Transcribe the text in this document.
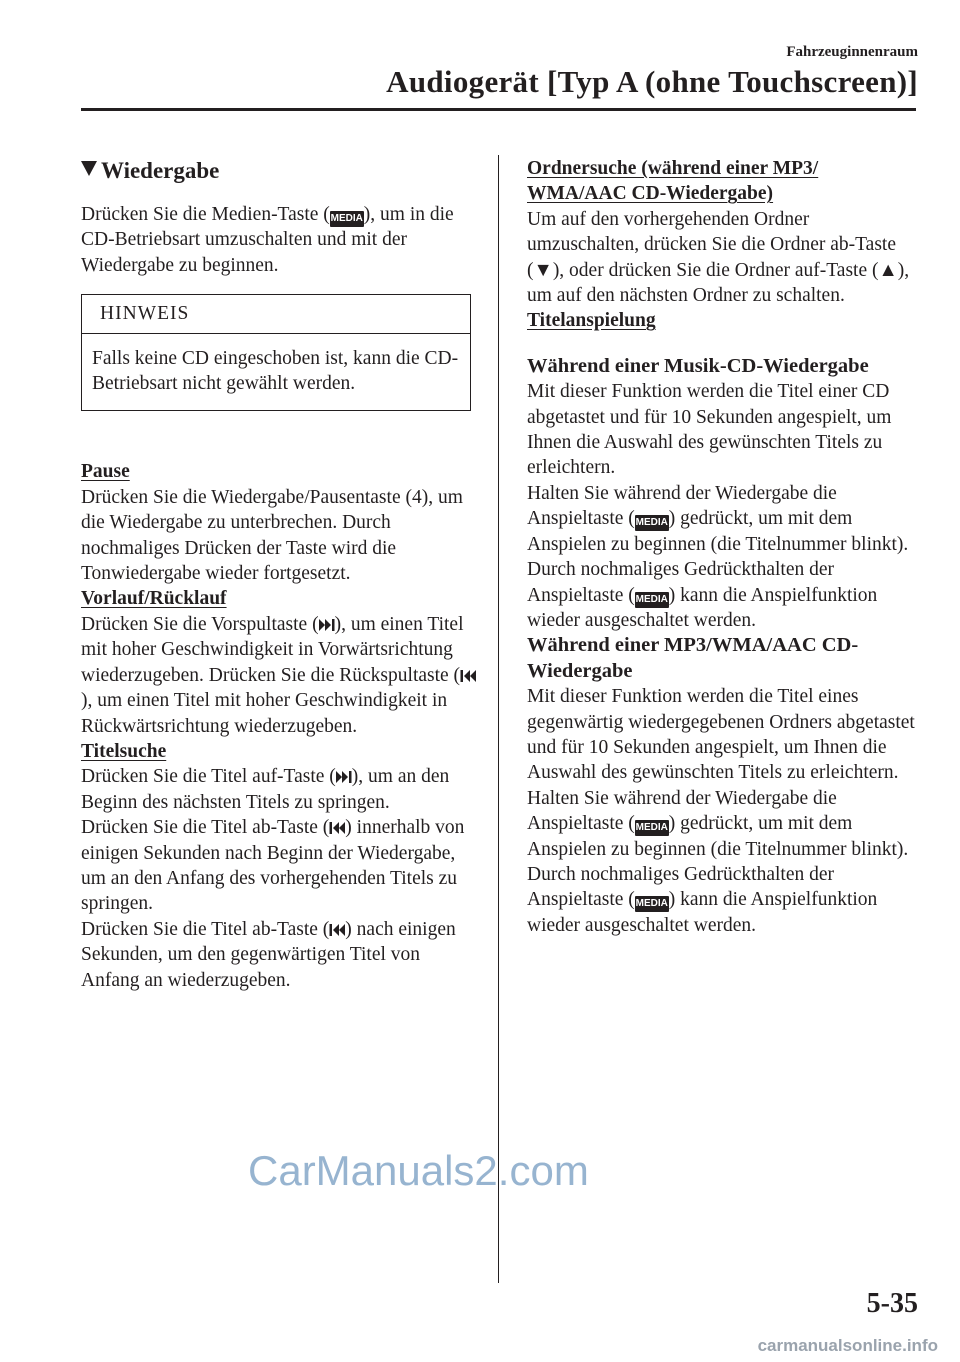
Fahrzeuginnenraum
Audiogerät [Typ A (ohne Touchscreen)]
Wiedergabe

Drücken Sie die Medien-Taste (MEDIA), um in die CD-Betriebsart umzuschalten und mit der Wiedergabe zu beginnen.

HINWEIS
Falls keine CD eingeschoben ist, kann die CD-Betriebsart nicht gewählt werden.

Pause

Drücken Sie die Wiedergabe/Pausentaste (4), um die Wiedergabe zu unterbrechen. Durch nochmaliges Drücken der Taste wird die Tonwiedergabe wieder fortgesetzt.

Vorlauf/Rücklauf

Drücken Sie die Vorspultaste ( ), um einen Titel mit hoher Geschwindigkeit in Vorwärtsrichtung wiederzugeben. Drücken Sie die Rückspultaste (), um einen Titel mit hoher Geschwindigkeit in Rückwärtsrichtung wiederzugeben.

Titelsuche

Drücken Sie die Titel auf-Taste ( ), um an den Beginn des nächsten Titels zu springen.
Drücken Sie die Titel ab-Taste ( ) innerhalb von einigen Sekunden nach Beginn der Wiedergabe, um an den Anfang des vorhergehenden Titels zu springen.
Drücken Sie die Titel ab-Taste ( ) nach einigen Sekunden, um den gegenwärtigen Titel von Anfang an wiederzugeben.

Ordnersuche (während einer MP3/ WMA/AAC CD-Wiedergabe)

Um auf den vorhergehenden Ordner umzuschalten, drücken Sie die Ordner ab-Taste (▼), oder drücken Sie die Ordner auf-Taste (▲), um auf den nächsten Ordner zu schalten.

Titelanspielung

Während einer Musik-CD-Wiedergabe

Mit dieser Funktion werden die Titel einer CD abgetastet und für 10 Sekunden angespielt, um Ihnen die Auswahl des gewünschten Titels zu erleichtern.
Halten Sie während der Wiedergabe die Anspieltaste (MEDIA) gedrückt, um mit dem Anspielen zu beginnen (die Titelnummer blinkt). Durch nochmaliges Gedrückthalten der Anspieltaste (MEDIA) kann die Anspielfunktion wieder ausgeschaltet werden.

Während einer MP3/WMA/AAC CD-Wiedergabe

Mit dieser Funktion werden die Titel eines gegenwärtig wiedergegebenen Ordners abgetastet und für 10 Sekunden angespielt, um Ihnen die Auswahl des gewünschten Titels zu erleichtern. Halten Sie während der Wiedergabe die Anspieltaste (MEDIA) gedrückt, um mit dem Anspielen zu beginnen (die Titelnummer blinkt).
Durch nochmaliges Gedrückthalten der Anspieltaste (MEDIA) kann die Anspielfunktion wieder ausgeschaltet werden.

CarManuals2.com
5-35
carmanualsonline.info
